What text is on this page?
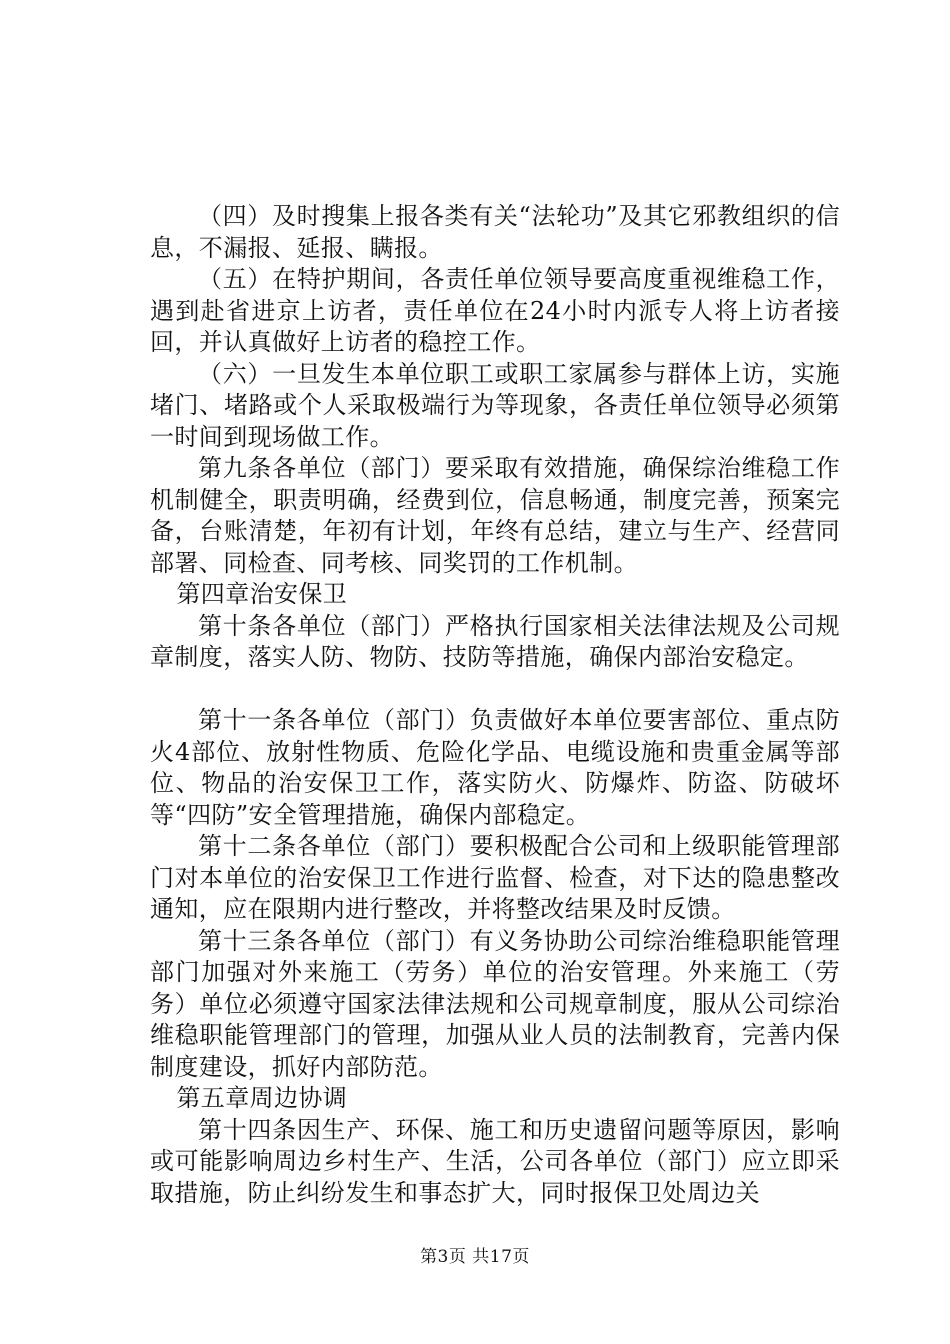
（四）及时搜集上报各类有关“法轮功”及其它邪教组织的信息，不漏报、延报、瞒报。

（五）在特护期间，各责任单位领导要高度重视维稳工作，遇到赴省进京上访者，责任单位在24小时内派专人将上访者接回，并认真做好上访者的稳控工作。

（六）一旦发生本单位职工或职工家属参与群体上访，实施堵门、堵路或个人采取极端行为等现象，各责任单位领导必须第一时间到现场做工作。

第九条各单位（部门）要采取有效措施，确保综治维稳工作机制健全，职责明确，经费到位，信息畅通，制度完善，预案完备，台账清楚，年初有计划，年终有总结，建立与生产、经营同部署、同检查、同考核、同奖罚的工作机制。

第四章治安保卫

第十条各单位（部门）严格执行国家相关法律法规及公司规章制度，落实人防、物防、技防等措施，确保内部治安稳定。

第十一条各单位（部门）负责做好本单位要害部位、重点防火4部位、放射性物质、危险化学品、电缆设施和贵重金属等部位、物品的治安保卫工作，落实防火、防爆炸、防盗、防破坏等“四防”安全管理措施，确保内部稳定。

第十二条各单位（部门）要积极配合公司和上级职能管理部门对本单位的治安保卫工作进行监督、检查，对下达的隐患整改通知，应在限期内进行整改，并将整改结果及时反馈。

第十三条各单位（部门）有义务协助公司综治维稳职能管理部门加强对外来施工（劳务）单位的治安管理。外来施工（劳务）单位必须遵守国家法律法规和公司规章制度，服从公司综治维稳职能管理部门的管理，加强从业人员的法制教育，完善内保制度建设，抓好内部防范。

第五章周边协调

第十四条因生产、环保、施工和历史遗留问题等原因，影响或可能影响周边乡村生产、生活，公司各单位（部门）应立即采取措施，防止纠纷发生和事态扩大，同时报保卫处周边关

第3页 共17页
